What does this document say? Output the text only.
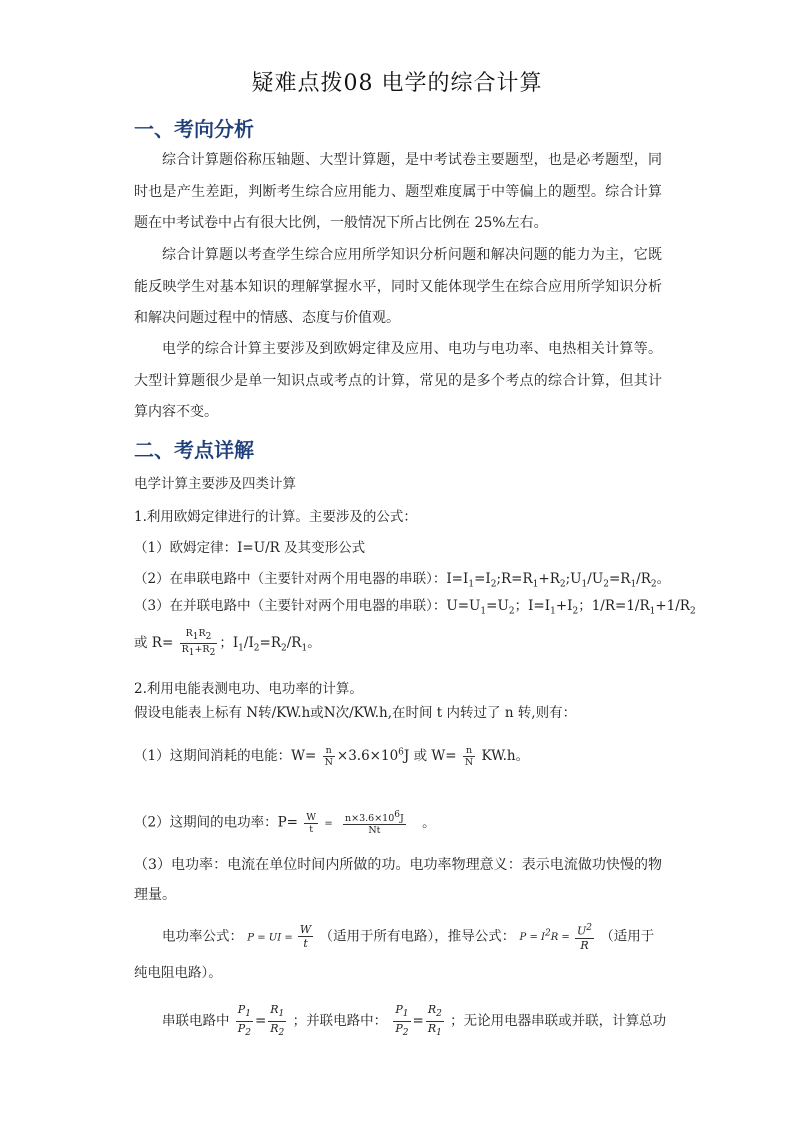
疑难点拨08 电学的综合计算
一、考向分析
综合计算题俗称压轴题、大型计算题，是中考试卷主要题型，也是必考题型，同时也是产生差距，判断考生综合应用能力、题型难度属于中等偏上的题型。综合计算题在中考试卷中占有很大比例，一般情况下所占比例在 25%左右。
综合计算题以考查学生综合应用所学知识分析问题和解决问题的能力为主，它既能反映学生对基本知识的理解掌握水平，同时又能体现学生在综合应用所学知识分析和解决问题过程中的情感、态度与价值观。
电学的综合计算主要涉及到欧姆定律及应用、电功与电功率、电热相关计算等。大型计算题很少是单一知识点或考点的计算，常见的是多个考点的综合计算，但其计算内容不变。
二、考点详解
电学计算主要涉及四类计算
1.利用欧姆定律进行的计算。主要涉及的公式：
（1）欧姆定律：I=U/R 及其变形公式
（2）在串联电路中（主要针对两个用电器的串联）：$I=I_1=I_2;R=R_1+R_2;U_1/U_2=R_1/R_2$。
（3）在并联电路中（主要针对两个用电器的串联）：$U=U_1=U_2$；$I=I_1+I_2$；$1/R=1/R_1+1/R_2$
或 $R= \frac{R_1R_2}{R_1+R_2}$ ；$I_1/I_2=R_2/R_1$。
2.利用电能表测电功、电功率的计算。
假设电能表上标有 N转/KW.h或N次/KW.h,在时间 t 内转过了 n 转,则有：
（1）这期间消耗的电能：$W= \frac{n}{N} \times 3.6\times 10^6J$ 或 $W= \frac{n}{N} KW.h$。
（2）这期间的电功率：$P= \frac{W}{t} = \frac{n\times 3.6\times 10^6J}{Nt}$ 。
（3）电功率：电流在单位时间内所做的功。电功率物理意义：表示电流做功快慢的物理量。
电功率公式： P = UI = $\frac{W}{t}$ （适用于所有电路），推导公式： $P = I^2R = \frac{U^2}{R}$ （适用于
纯电阻电路）。
串联电路中 $\frac{P_1}{P_2} = \frac{R_1}{R_2}$ ；并联电路中： $\frac{P_1}{P_2} = \frac{R_2}{R_1}$ ；无论用电器串联或并联，计算总功
